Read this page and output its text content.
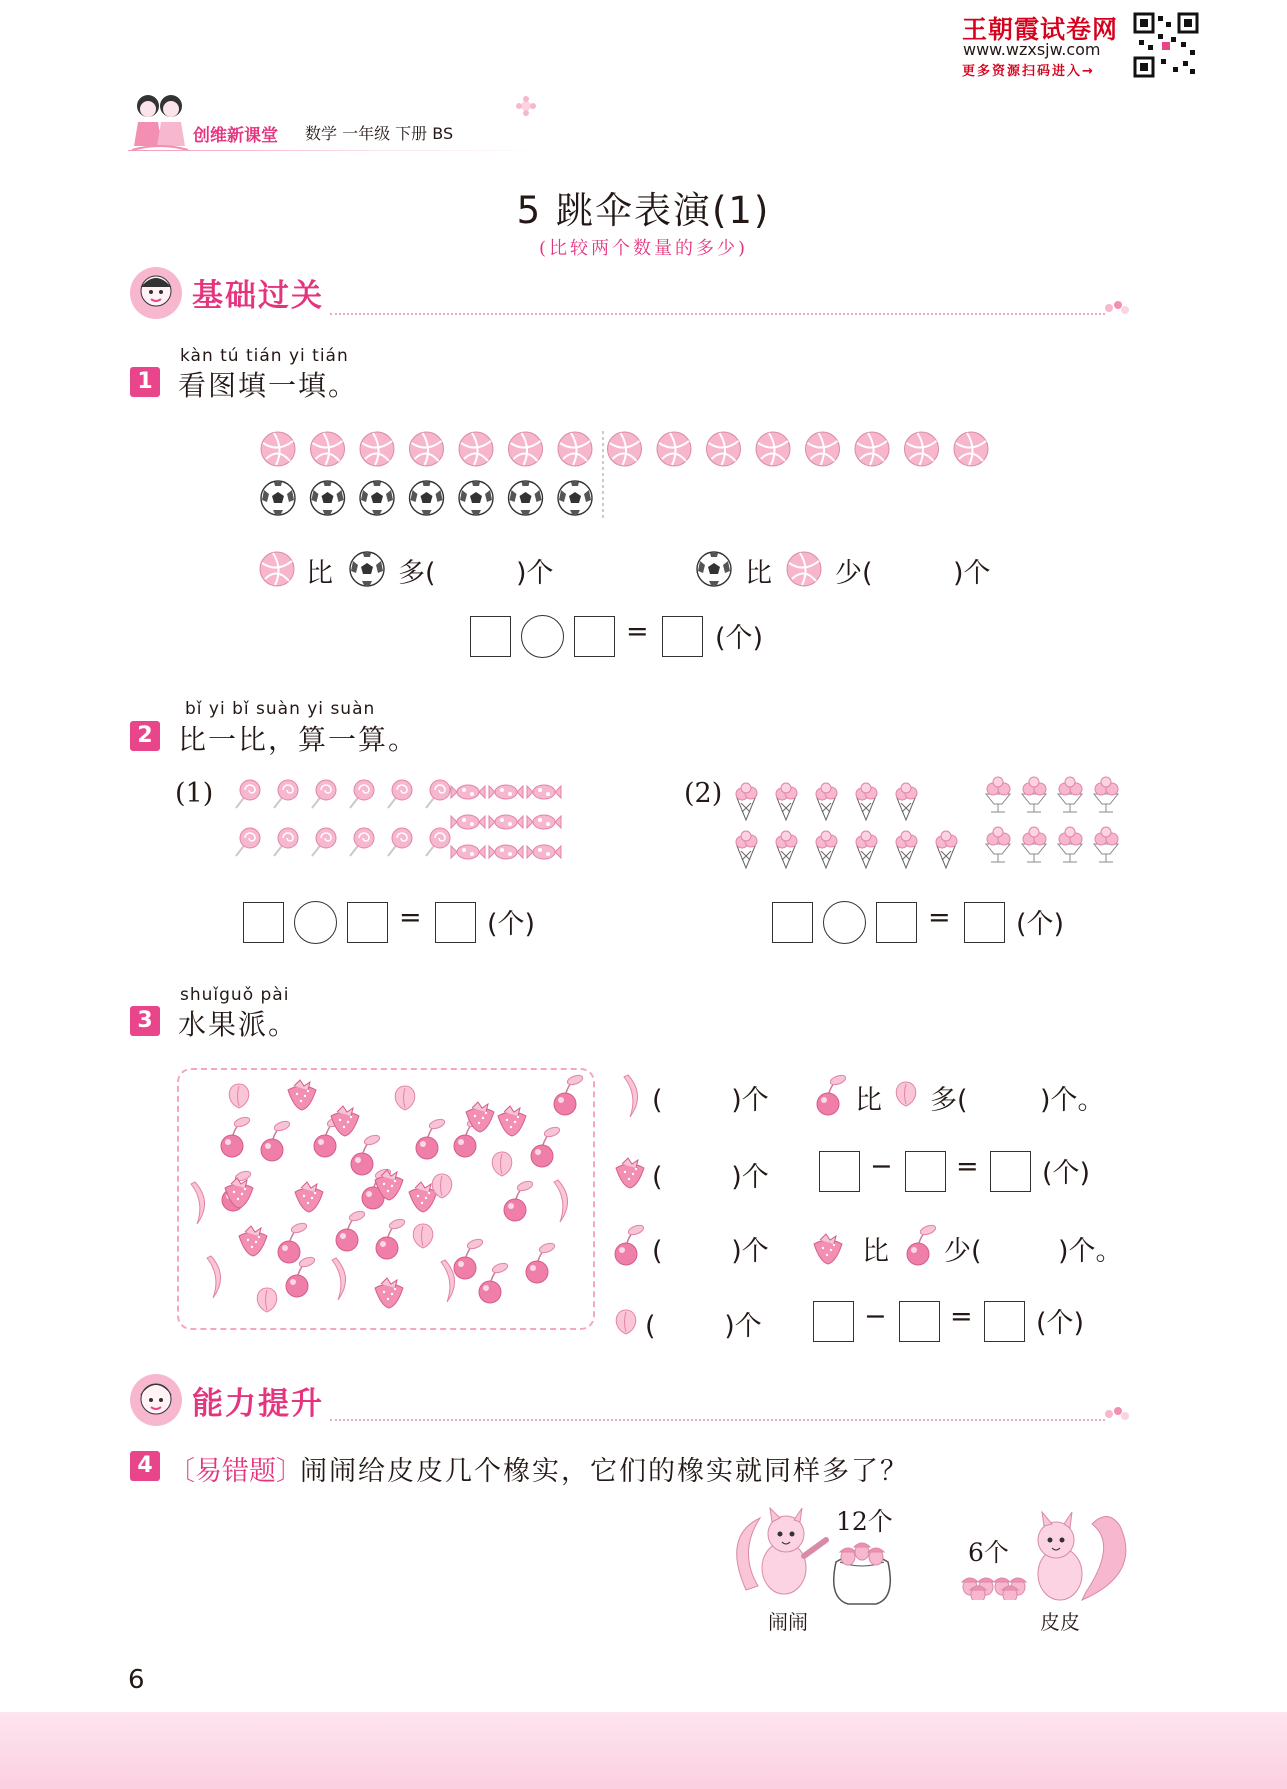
王朝霞试卷网
www.wzxsjw.com
更多资源扫码进入→
创维新课堂 数学 一年级 下册 BS
5 跳伞表演(1)
(比较两个数量的多少)
基础过关
kàn tú tián yi tián
1 看图填一填。
比 多(	)个	比 少(	)个
= (个)
bǐ yi bǐ suàn yi suàn
2 比一比，算一算。
(1)	(2)
= (个)	= (个)
shuǐguǒ pài
3 水果派。
(        )个	比 多(	)个。
(        )个	− = (个)
(        )个	比 少(	)个。
(        )个	− = (个)
能力提升
4 〔易错题〕
闹闹给皮皮几个橡实，它们的橡实就同样多了？
12个
闹闹
6个
皮皮
6
